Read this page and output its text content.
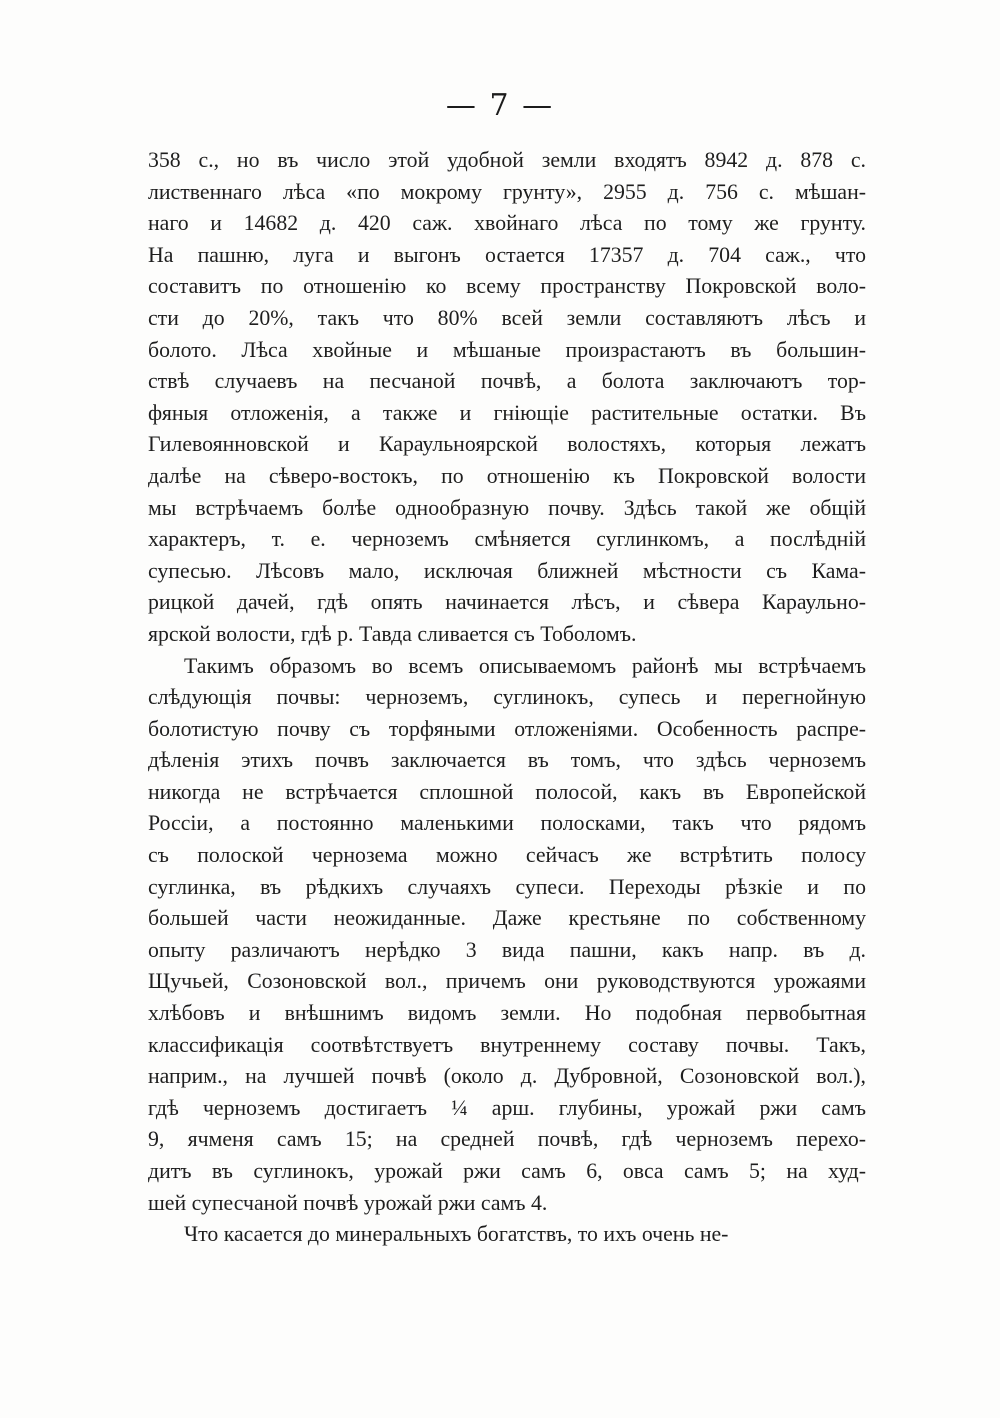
— 7 —
358 с., но въ число этой удобной земли входятъ 8942 д. 878 с.
лиственнаго лѣса «по мокрому грунту», 2955 д. 756 с. мѣшан-
наго и 14682 д. 420 саж. хвойнаго лѣса по тому же грунту.
На пашню, луга и выгонъ остается 17357 д. 704 саж., что
составитъ по отношенію ко всему пространству Покровской воло-
сти до 20%, такъ что 80% всей земли составляютъ лѣсъ и
болото. Лѣса хвойные и мѣшаные произрастаютъ въ большин-
ствѣ случаевъ на песчаной почвѣ, а болота заключаютъ тор-
фяныя отложенія, а также и гніющіе растительные остатки. Въ
Гилевоянновской и Караульноярской волостяхъ, которыя лежатъ
далѣе на сѣверо-востокъ, по отношенію къ Покровской волости
мы встрѣчаемъ болѣе однообразную почву. Здѣсь такой же общій
характеръ, т. е. черноземъ смѣняется суглинкомъ, а послѣдній
супесью. Лѣсовъ мало, исключая ближней мѣстности съ Кама-
рицкой дачей, гдѣ опять начинается лѣсъ, и сѣвера Караульно-
ярской волости, гдѣ р. Тавда сливается съ Тоболомъ.
Такимъ образомъ во всемъ описываемомъ районѣ мы встрѣчаемъ
слѣдующія почвы: черноземъ, суглинокъ, супесь и перегнойную
болотистую почву съ торфяными отложеніями. Особенность распре-
дѣленія этихъ почвъ заключается въ томъ, что здѣсь черноземъ
никогда не встрѣчается сплошной полосой, какъ въ Европейской
Россіи, а постоянно маленькими полосками, такъ что рядомъ
съ полоской чернозема можно сейчасъ же встрѣтить полосу
суглинка, въ рѣдкихъ случаяхъ супеси. Переходы рѣзкіе и по
большей части неожиданные. Даже крестьяне по собственному
опыту различаютъ нерѣдко 3 вида пашни, какъ напр. въ д.
Щучьей, Созоновской вол., причемъ они руководствуются урожаями
хлѣбовъ и внѣшнимъ видомъ земли. Но подобная первобытная
классификація соотвѣтствуетъ внутреннему составу почвы. Такъ,
наприм., на лучшей почвѣ (около д. Дубровной, Созоновской вол.),
гдѣ черноземъ достигаетъ ¼ арш. глубины, урожай ржи самъ
9, ячменя самъ 15; на средней почвѣ, гдѣ черноземъ перехо-
дитъ въ суглинокъ, урожай ржи самъ 6, овса самъ 5; на худ-
шей супесчаной почвѣ урожай ржи самъ 4.
Что касается до минеральныхъ богатствъ, то ихъ очень не-
